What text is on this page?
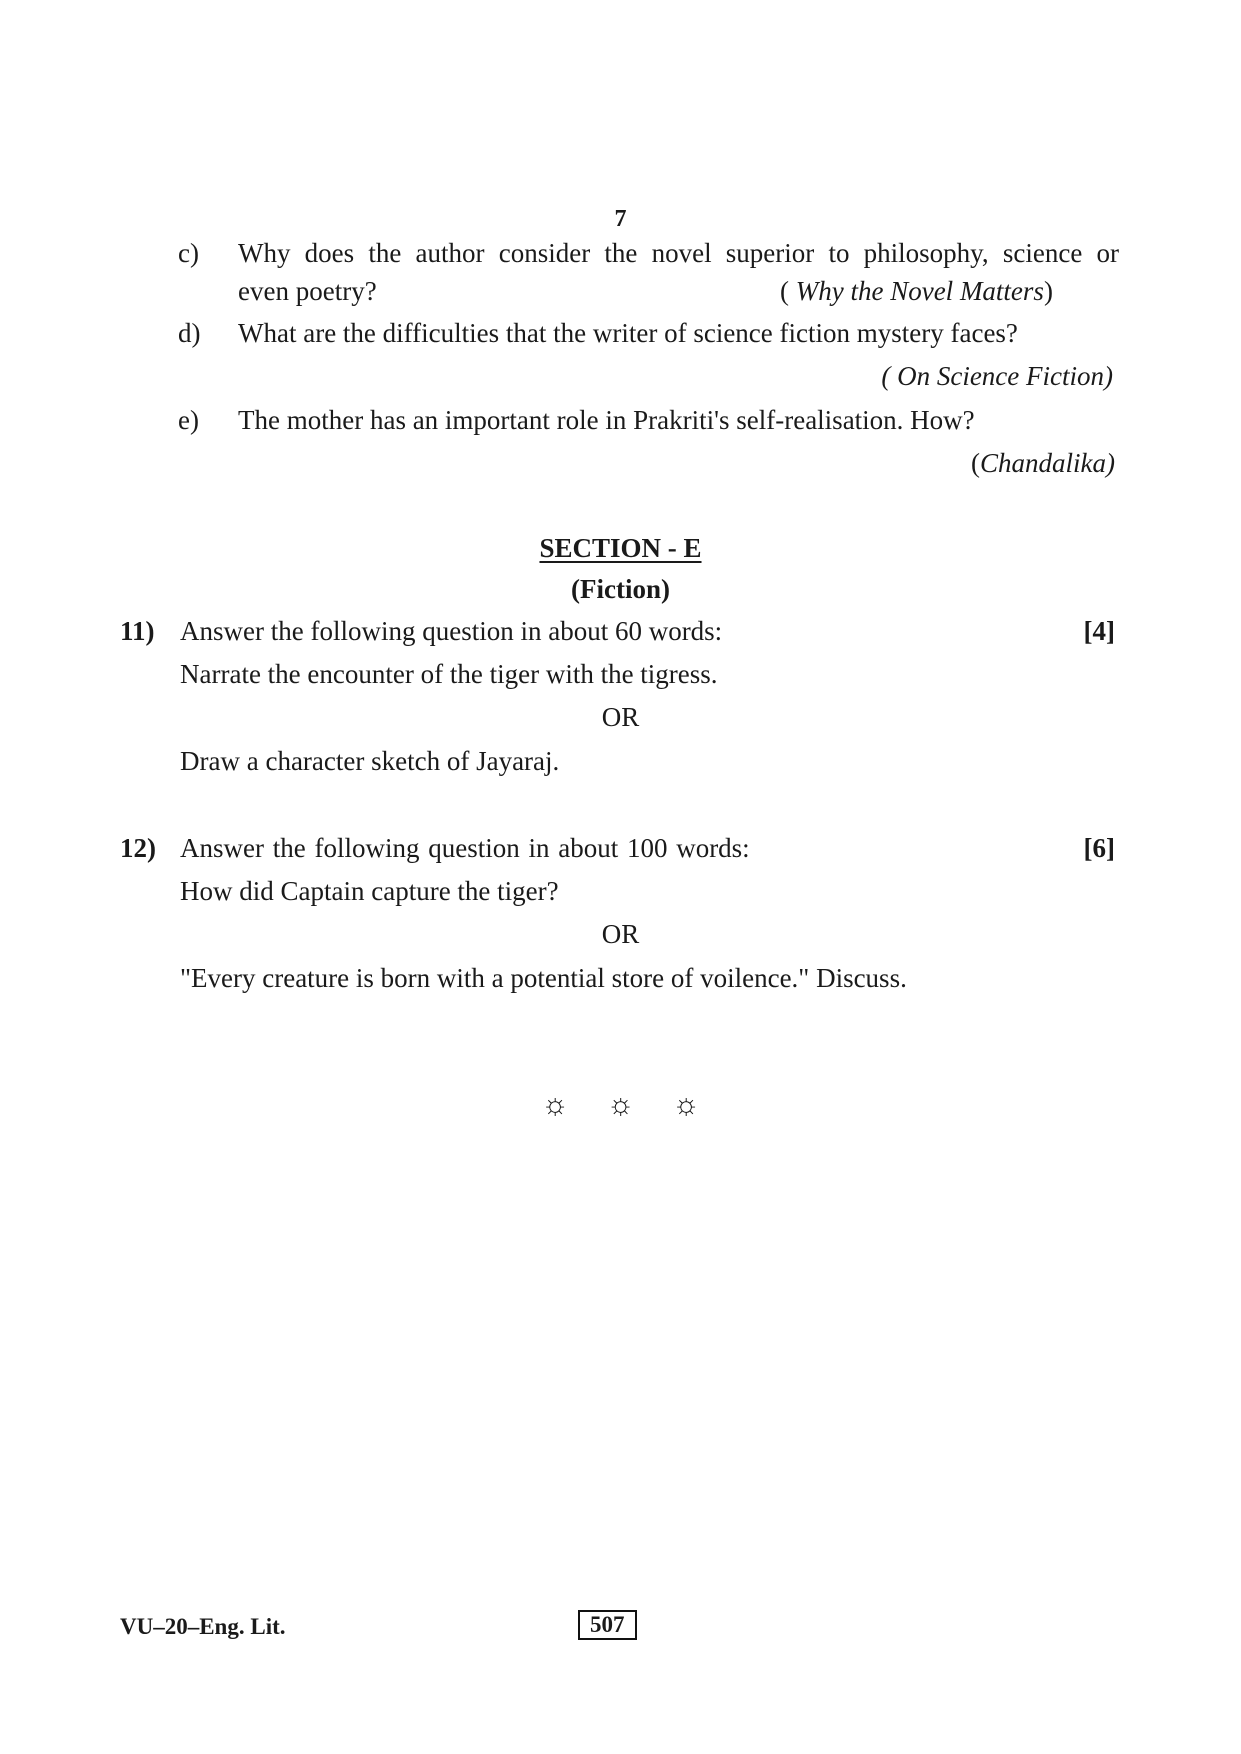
7
c) Why does the author consider the novel superior to philosophy, science or
even poetry?	( Why the Novel Matters)
d) What are the difficulties that the writer of science fiction mystery faces?
( On Science Fiction)
e) The mother has an important role in Prakriti's self-realisation. How?
(Chandalika)
SECTION - E
(Fiction)
11) Answer the following question in about 60 words:	[4]
Narrate the encounter of the tiger with the tigress.
OR
Draw a character sketch of Jayaraj.
12) Answer the following question in about 100 words:	[6]
How did Captain capture the tiger?
OR
"Every creature is born with a potential store of voilence." Discuss.
☼ ☼ ☼
VU–20–Eng. Lit.	507
